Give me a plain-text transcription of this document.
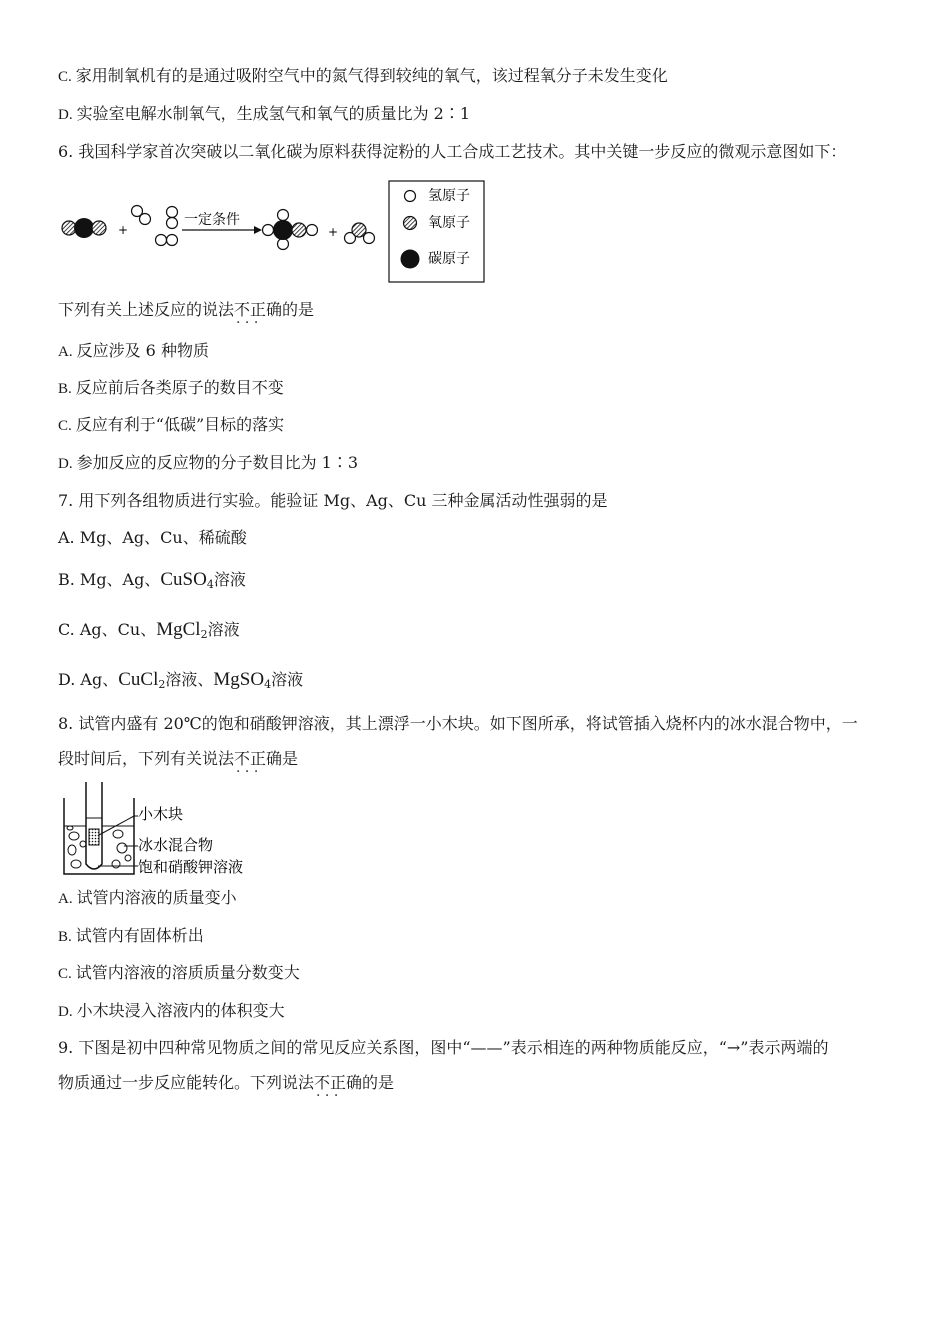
C. 家用制氧机有的是通过吸附空气中的氮气得到较纯的氧气，该过程氧分子未发生变化
D. 实验室电解水制氧气，生成氢气和氧气的质量比为 2∶1
6. 我国科学家首次突破以二氧化碳为原料获得淀粉的人工合成工艺技术。其中关键一步反应的微观示意图如下：
+
一定条件
+
氢原子
氧原子
碳原子
下列有关上述反应的说法不正确 · · ·的是
A. 反应涉及 6 种物质
B. 反应前后各类原子的数目不变
C. 反应有利于“低碳”目标的落实
D. 参加反应的反应物的分子数目比为 1∶3
7. 用下列各组物质进行实验。能验证 Mg、Ag、Cu 三种金属活动性强弱的是
A. Mg、Ag、Cu、稀硫酸
B. Mg、Ag、CuSO$_4$溶液
C. Ag、Cu、MgCl$_2$溶液
D. Ag、CuCl$_2$溶液、MgSO$_4$溶液
8. 试管内盛有 20℃的饱和硝酸钾溶液，其上漂浮一小木块。如下图所承，将试管插入烧杯内的冰水混合物中，一
段时间后，下列有关说法不正确 · · ·是
小木块
冰水混合物
饱和硝酸钾溶液
A. 试管内溶液的质量变小
B. 试管内有固体析出
C. 试管内溶液的溶质质量分数变大
D. 小木块浸入溶液内的体积变大
9. 下图是初中四种常见物质之间的常见反应关系图，图中“——”表示相连的两种物质能反应，“→”表示两端的
物质通过一步反应能转化。下列说法不正确 · · ·的是
